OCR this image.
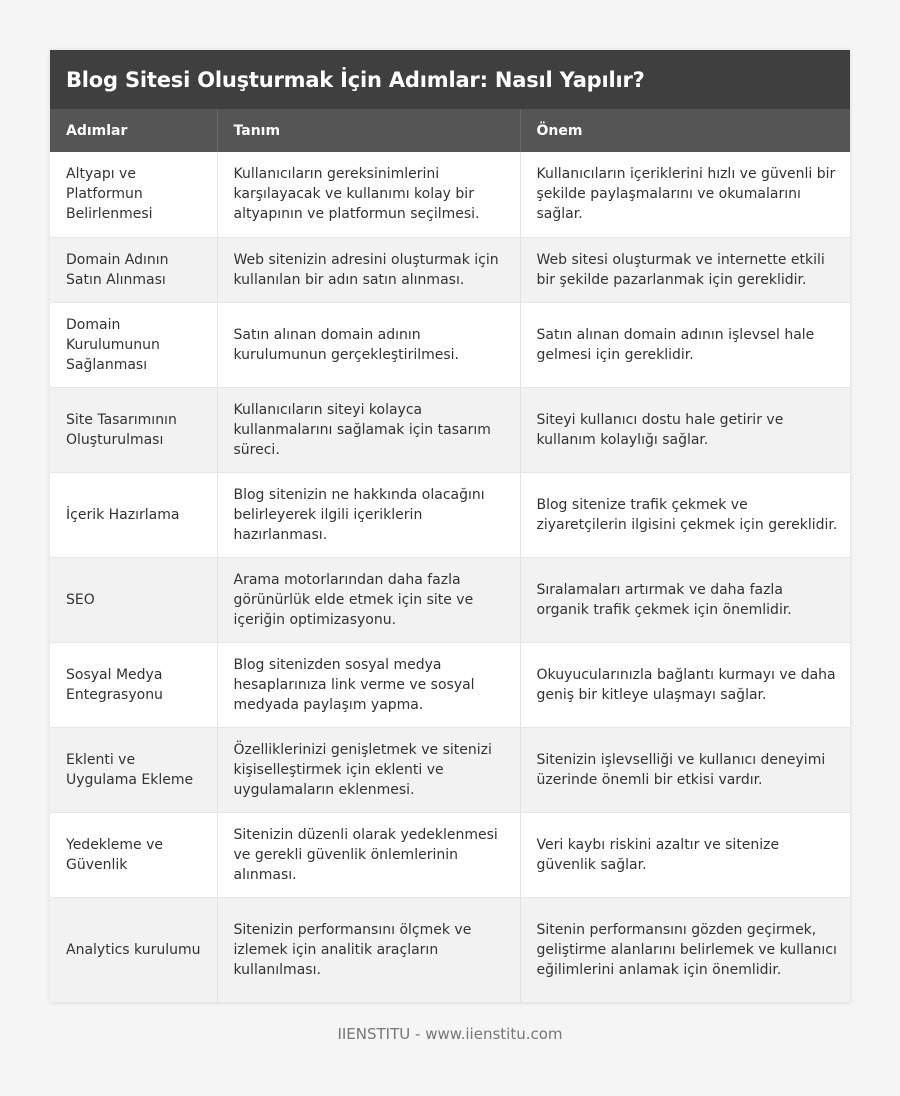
Blog Sitesi Oluşturmak İçin Adımlar: Nasıl Yapılır?
Adımlar	Tanım	Önem
Altyapı ve Platformun Belirlenmesi	Kullanıcıların gereksinimlerini karşılayacak ve kullanımı kolay bir altyapının ve platformun seçilmesi.	Kullanıcıların içeriklerini hızlı ve güvenli bir şekilde paylaşmalarını ve okumalarını sağlar.
Domain Adının Satın Alınması	Web sitenizin adresini oluşturmak için kullanılan bir adın satın alınması.	Web sitesi oluşturmak ve internette etkili bir şekilde pazarlanmak için gereklidir.
Domain Kurulumunun Sağlanması	Satın alınan domain adının kurulumunun gerçekleştirilmesi.	Satın alınan domain adının işlevsel hale gelmesi için gereklidir.
Site Tasarımının Oluşturulması	Kullanıcıların siteyi kolayca kullanmalarını sağlamak için tasarım süreci.	Siteyi kullanıcı dostu hale getirir ve kullanım kolaylığı sağlar.
İçerik Hazırlama	Blog sitenizin ne hakkında olacağını belirleyerek ilgili içeriklerin hazırlanması.	Blog sitenize trafik çekmek ve ziyaretçilerin ilgisini çekmek için gereklidir.
SEO	Arama motorlarından daha fazla görünürlük elde etmek için site ve içeriğin optimizasyonu.	Sıralamaları artırmak ve daha fazla organik trafik çekmek için önemlidir.
Sosyal Medya Entegrasyonu	Blog sitenizden sosyal medya hesaplarınıza link verme ve sosyal medyada paylaşım yapma.	Okuyucularınızla bağlantı kurmayı ve daha geniş bir kitleye ulaşmayı sağlar.
Eklenti ve Uygulama Ekleme	Özelliklerinizi genişletmek ve sitenizi kişiselleştirmek için eklenti ve uygulamaların eklenmesi.	Sitenizin işlevselliği ve kullanıcı deneyimi üzerinde önemli bir etkisi vardır.
Yedekleme ve Güvenlik	Sitenizin düzenli olarak yedeklenmesi ve gerekli güvenlik önlemlerinin alınması.	Veri kaybı riskini azaltır ve sitenize güvenlik sağlar.
Analytics kurulumu	Sitenizin performansını ölçmek ve izlemek için analitik araçların kullanılması.	Sitenin performansını gözden geçirmek, geliştirme alanlarını belirlemek ve kullanıcı eğilimlerini anlamak için önemlidir.
IIENSTITU - www.iienstitu.com
